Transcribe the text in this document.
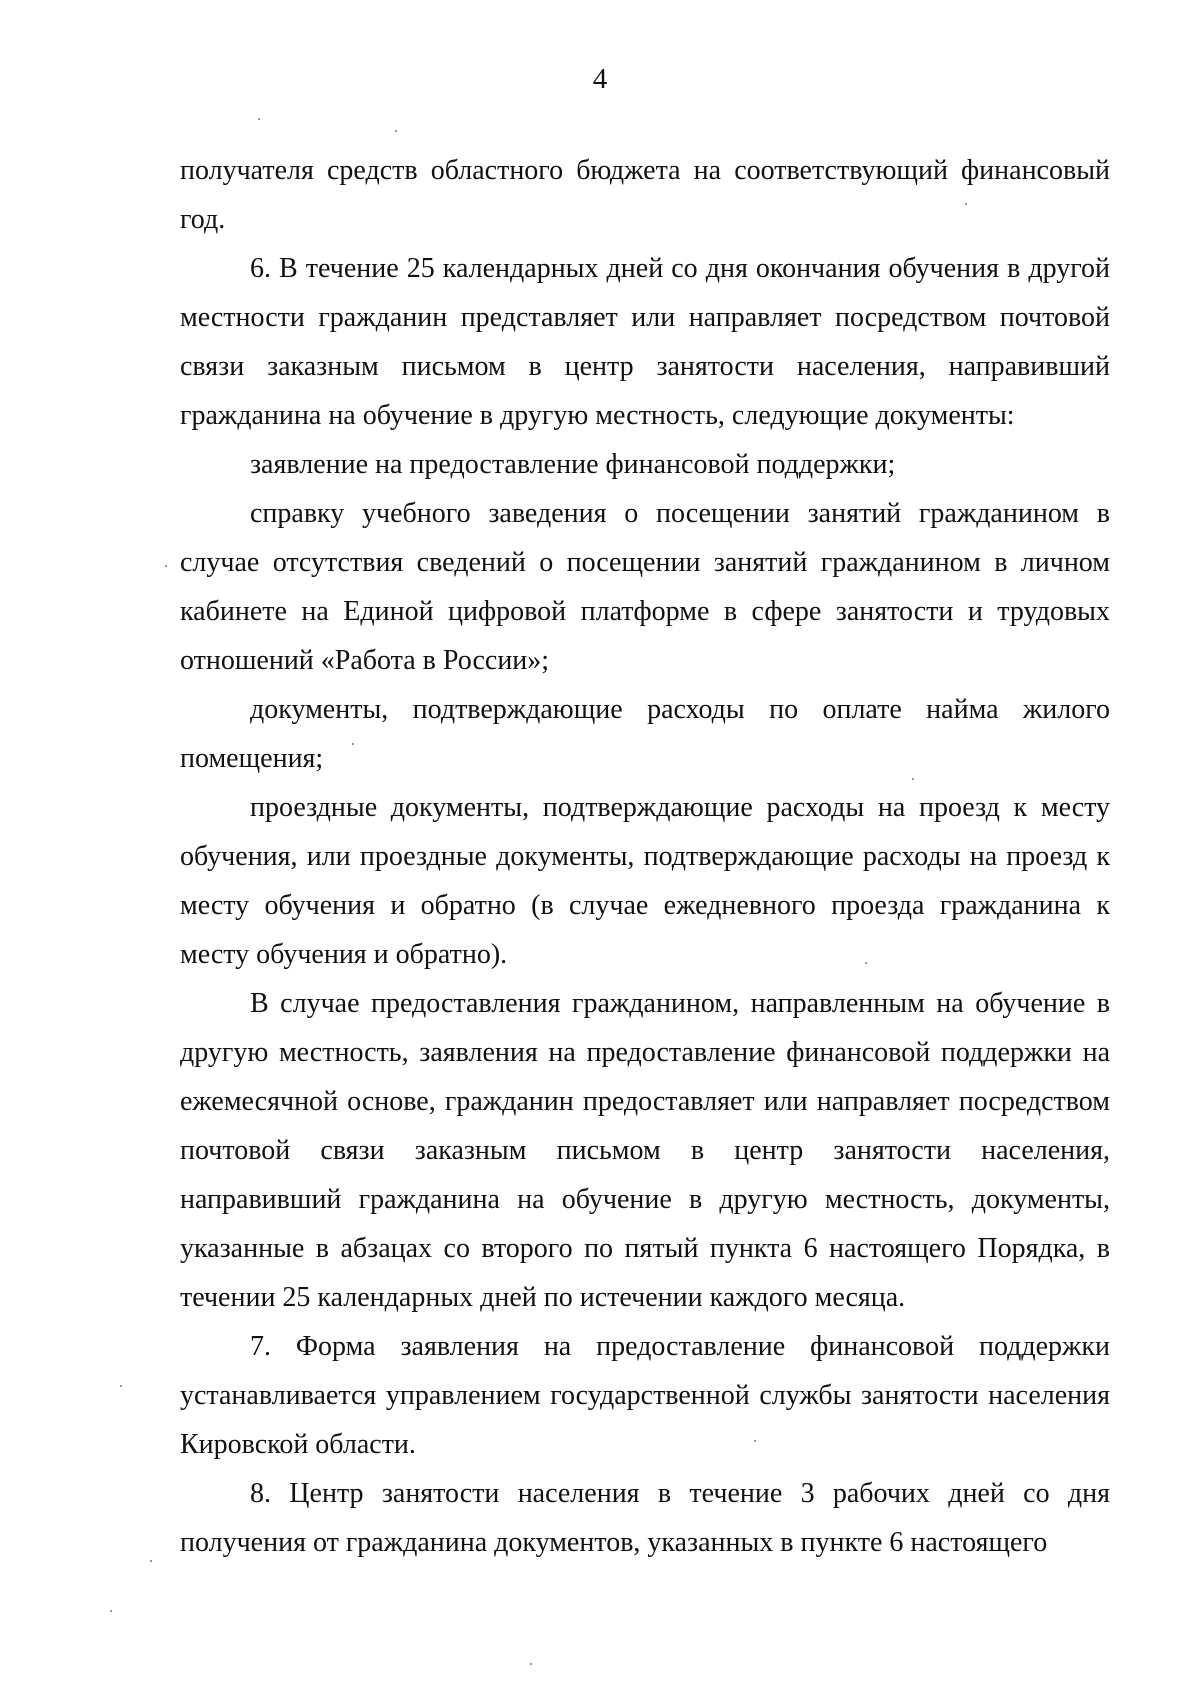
4

получателя средств областного бюджета на соответствующий финансовый год.

6. В течение 25 календарных дней со дня окончания обучения в другой местности гражданин представляет или направляет посредством почтовой связи заказным письмом в центр занятости населения, направивший гражданина на обучение в другую местность, следующие документы:

заявление на предоставление финансовой поддержки;

справку учебного заведения о посещении занятий гражданином в случае отсутствия сведений о посещении занятий гражданином в личном кабинете на Единой цифровой платформе в сфере занятости и трудовых отношений «Работа в России»;

документы, подтверждающие расходы по оплате найма жилого помещения;

проездные документы, подтверждающие расходы на проезд к месту обучения, или проездные документы, подтверждающие расходы на проезд к месту обучения и обратно (в случае ежедневного проезда гражданина к месту обучения и обратно).

В случае предоставления гражданином, направленным на обучение в другую местность, заявления на предоставление финансовой поддержки на ежемесячной основе, гражданин предоставляет или направляет посредством почтовой связи заказным письмом в центр занятости населения, направивший гражданина на обучение в другую местность, документы, указанные в абзацах со второго по пятый пункта 6 настоящего Порядка, в течении 25 календарных дней по истечении каждого месяца.

7. Форма заявления на предоставление финансовой поддержки устанавливается управлением государственной службы занятости населения Кировской области.

8. Центр занятости населения в течение 3 рабочих дней со дня получения от гражданина документов, указанных в пункте 6 настоящего
